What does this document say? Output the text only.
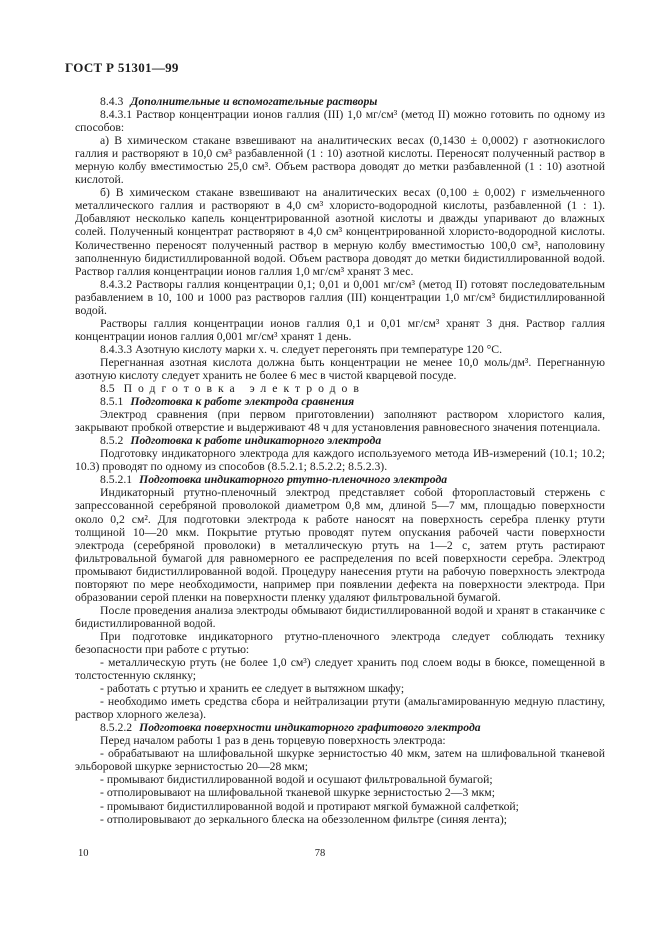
ГОСТ Р 51301—99

8.4.3 Дополнительные и вспомогательные растворы

8.4.3.1 Раствор концентрации ионов галлия (III) 1,0 мг/см³ (метод II) можно готовить по одному из способов:

а) В химическом стакане взвешивают на аналитических весах (0,1430 ± 0,0002) г азотнокислого галлия и растворяют в 10,0 см³ разбавленной (1 : 10) азотной кислоты. Переносят полученный раствор в мерную колбу вместимостью 25,0 см³. Объем раствора доводят до метки разбавленной (1 : 10) азотной кислотой.

б) В химическом стакане взвешивают на аналитических весах (0,100 ± 0,002) г измельченного металлического галлия и растворяют в 4,0 см³ хлористо-водородной кислоты, разбавленной (1 : 1). Добавляют несколько капель концентрированной азотной кислоты и дважды упаривают до влажных солей. Полученный концентрат растворяют в 4,0 см³ концентрированной хлористо-водородной кислоты. Количественно переносят полученный раствор в мерную колбу вместимостью 100,0 см³, наполовину заполненную бидистиллированной водой. Объем раствора доводят до метки бидистиллированной водой. Раствор галлия концентрации ионов галлия 1,0 мг/см³ хранят 3 мес.

8.4.3.2 Растворы галлия концентрации 0,1; 0,01 и 0,001 мг/см³ (метод II) готовят последовательным разбавлением в 10, 100 и 1000 раз растворов галлия (III) концентрации 1,0 мг/см³ бидистиллированной водой.

Растворы галлия концентрации ионов галлия 0,1 и 0,01 мг/см³ хранят 3 дня. Раствор галлия концентрации ионов галлия 0,001 мг/см³ хранят 1 день.

8.4.3.3 Азотную кислоту марки х. ч. следует перегонять при температуре 120 °С.

Перегнанная азотная кислота должна быть концентрации не менее 10,0 моль/дм³. Перегнанную азотную кислоту следует хранить не более 6 мес в чистой кварцевой посуде.

8.5 Подготовка электродов

8.5.1 Подготовка к работе электрода сравнения

Электрод сравнения (при первом приготовлении) заполняют раствором хлористого калия, закрывают пробкой отверстие и выдерживают 48 ч для установления равновесного значения потенциала.

8.5.2 Подготовка к работе индикаторного электрода

Подготовку индикаторного электрода для каждого используемого метода ИВ-измерений (10.1; 10.2; 10.3) проводят по одному из способов (8.5.2.1; 8.5.2.2; 8.5.2.3).

8.5.2.1 Подготовка индикаторного ртутно-пленочного электрода

Индикаторный ртутно-пленочный электрод представляет собой фторопластовый стержень с запрессованной серебряной проволокой диаметром 0,8 мм, длиной 5—7 мм, площадью поверхности около 0,2 см². Для подготовки электрода к работе наносят на поверхность серебра пленку ртути толщиной 10—20 мкм. Покрытие ртутью проводят путем опускания рабочей части поверхности электрода (серебряной проволоки) в металлическую ртуть на 1—2 с, затем ртуть растирают фильтровальной бумагой для равномерного ее распределения по всей поверхности серебра. Электрод промывают бидистиллированной водой. Процедуру нанесения ртути на рабочую поверхность электрода повторяют по мере необходимости, например при появлении дефекта на поверхности электрода. При образовании серой пленки на поверхности пленку удаляют фильтровальной бумагой.

После проведения анализа электроды обмывают бидистиллированной водой и хранят в стаканчике с бидистиллированной водой.

При подготовке индикаторного ртутно-пленочного электрода следует соблюдать технику безопасности при работе с ртутью:

- металлическую ртуть (не более 1,0 см³) следует хранить под слоем воды в бюксе, помещенной в толстостенную склянку;

- работать с ртутью и хранить ее следует в вытяжном шкафу;

- необходимо иметь средства сбора и нейтрализации ртути (амальгамированную медную пластину, раствор хлорного железа).

8.5.2.2 Подготовка поверхности индикаторного графитового электрода

Перед началом работы 1 раз в день торцевую поверхность электрода:

- обрабатывают на шлифовальной шкурке зернистостью 40 мкм, затем на шлифовальной тканевой эльборовой шкурке зернистостью 20—28 мкм;

- промывают бидистиллированной водой и осушают фильтровальной бумагой;

- отполировывают на шлифовальной тканевой шкурке зернистостью 2—3 мкм;

- промывают бидистиллированной водой и протирают мягкой бумажной салфеткой;

- отполировывают до зеркального блеска на обеззоленном фильтре (синяя лента);

10	78
